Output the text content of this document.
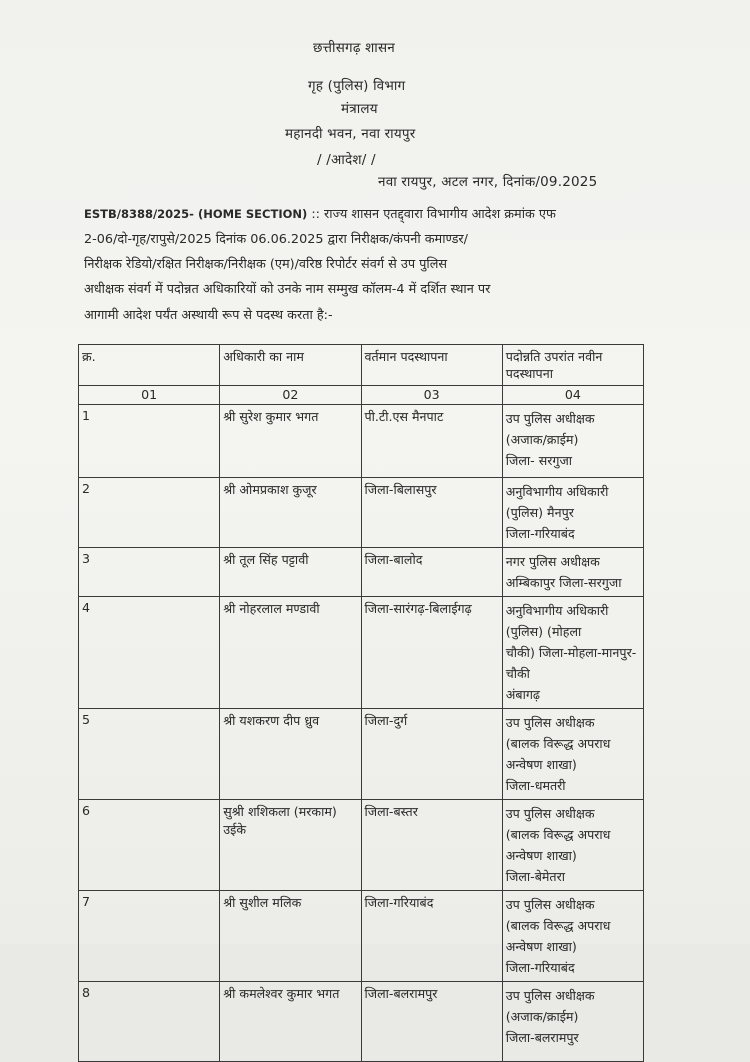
छत्तीसगढ़ शासन
गृह (पुलिस) विभाग
मंत्रालय
महानदी भवन, नवा रायपुर
/ /आदेश/ /
नवा रायपुर, अटल नगर, दिनांक/09.2025
ESTB/8388/2025- (HOME SECTION) :: राज्य शासन एतद्द्वारा विभागीय आदेश क्रमांक एफ
2-06/दो-गृह/रापुसे/2025 दिनांक 06.06.2025 द्वारा निरीक्षक/कंपनी कमाण्डर/
निरीक्षक रेडियो/रक्षित निरीक्षक/निरीक्षक (एम)/वरिष्ठ रिपोर्टर संवर्ग से उप पुलिस
अधीक्षक संवर्ग में पदोन्नत अधिकारियों को उनके नाम सम्मुख कॉलम-4 में दर्शित स्थान पर
आगामी आदेश पर्यंत अस्थायी रूप से पदस्थ करता है:-
क्र.	अधिकारी का नाम	वर्तमान पदस्थापना	पदोन्नति उपरांत नवीन पदस्थापना
01	02	03	04
1	श्री सुरेश कुमार भगत	पी.टी.एस मैनपाट	उप पुलिस अधीक्षक
(अजाक/क्राईम)
जिला- सरगुजा

2	श्री ओमप्रकाश कुजूर	जिला-बिलासपुर	अनुविभागीय अधिकारी (पुलिस) मैनपुर
जिला-गरियाबंद

3	श्री तूल सिंह पट्टावी	जिला-बालोद	नगर पुलिस अधीक्षक
अम्बिकापुर जिला-सरगुजा

4	श्री नोहरलाल मण्डावी	जिला-सारंगढ़-बिलाईगढ़	अनुविभागीय अधिकारी (पुलिस) (मोहला
चौकी) जिला-मोहला-मानपुर-चौकी
अंबागढ़

5	श्री यशकरण दीप ध्रुव	जिला-दुर्ग	उप पुलिस अधीक्षक
(बालक विरूद्ध अपराध अन्वेषण शाखा)
जिला-धमतरी

6	सुश्री शशिकला (मरकाम) उईके	जिला-बस्तर	उप पुलिस अधीक्षक
(बालक विरूद्ध अपराध अन्वेषण शाखा)
जिला-बेमेतरा

7	श्री सुशील मलिक	जिला-गरियाबंद	उप पुलिस अधीक्षक
(बालक विरूद्ध अपराध अन्वेषण शाखा)
जिला-गरियाबंद

8	श्री कमलेश्वर कुमार भगत	जिला-बलरामपुर	उप पुलिस अधीक्षक
(अजाक/क्राईम)
जिला-बलरामपुर
